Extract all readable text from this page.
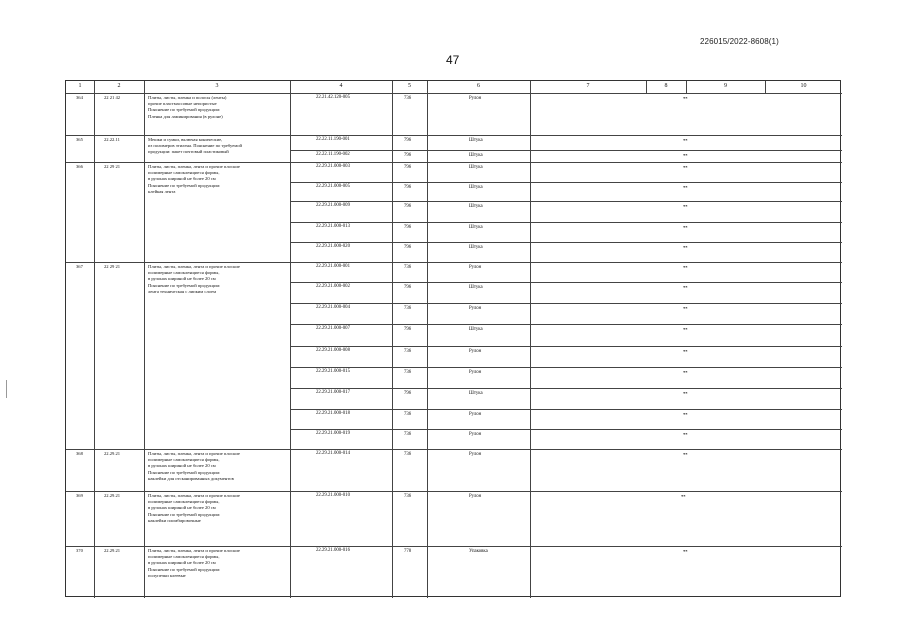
226015/2022-8608(1)
47
1	2	3	4	5	6	7	8	9	10
364	22 21 42	Плиты, листы, пленка и полосы (ленты)
прочие пластмассовые непористые
Пояснение по требуемой продукции:
Пленка для ламинирования (в рулоне)
22.21.42.120-005	736	Рулон	**
365	22.22.11	Мешки и сумки, включая конические,
из полимеров этилена. Пояснение по требуемой
продукции: пакет почтовый пластиковый
22.22.11.190-001	796	Штука	**
22.22.11.190-002	796	Штука	**
366	22 29 21	Плиты, листы, пленка, лента и прочие плоские
полимерные самоклеящиеся формы,
в рулонах шириной не более 20 см
Пояснение по требуемой продукции:
клейкая лента
22.29.21.000-003	796	Штука	**
22.29.21.000-005	796	Штука	**
22.29.21.000-009	796	Штука	**
22.29.21.000-013	796	Штука	**
22.29.21.000-020	796	Штука	**
367	22 29 21	Плиты, листы, пленка, лента и прочие плоские
полимерные самоклеящиеся формы,
в рулонах шириной не более 20 см
Пояснение по требуемой продукции:
лента техническая с липким слоем
22.29.21.000-001	736	Рулон	**
22.29.21.000-002	796	Штука	**
22.29.21.000-004	736	Рулон	**
22.29.21.000-007	796	Штука	**
22.29.21.000-008	736	Рулон	**
22.29.21.000-015	736	Рулон	**
22.29.21.000-017	796	Штука	**
22.29.21.000-018	736	Рулон	**
22.29.21.000-019	736	Рулон	**
368	22.29.21	Плиты, листы, пленка, лента и прочие плоские
полимерные самоклеящиеся формы,
в рулонах шириной не более 20 см
Пояснение по требуемой продукции:
наклейки для отсканированных документов
22.29.21.000-014	736	Рулон	**
369	22.29.21	Плиты, листы, пленка, лента и прочие плоские
полимерные самоклеящиеся формы,
в рулонах шириной не более 20 см
Пояснение по требуемой продукции:
наклейки пломбировочные
22.29.21.000-010	736	Рулон	**
370	22.29.21	Плиты, листы, пленка, лента и прочие плоские
полимерные самоклеящиеся формы,
в рулонах шириной не более 20 см
Пояснение по требуемой продукции:
полупечки клеевые
22.29.21.000-016	778	Упаковка	**
